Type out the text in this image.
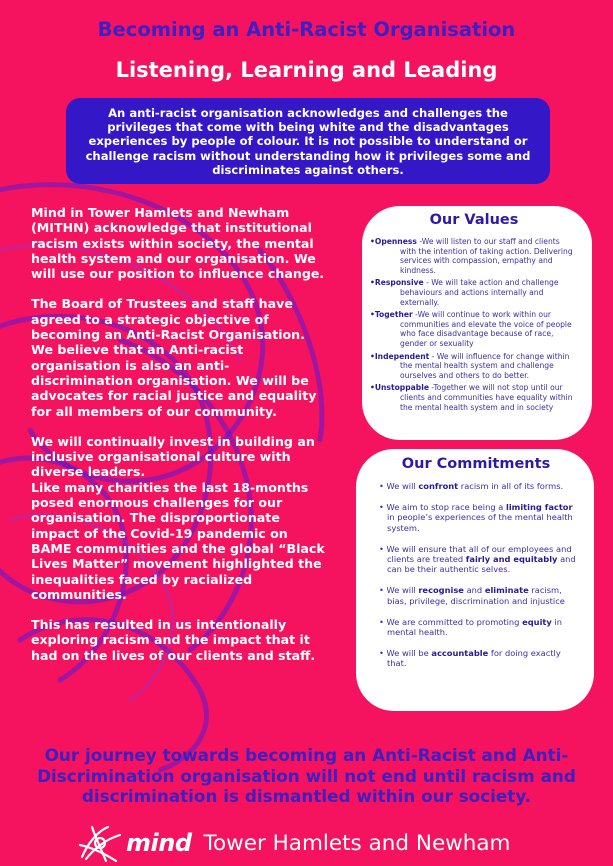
Becoming an Anti-Racist Organisation
Listening, Learning and Leading
An anti-racist organisation acknowledges and challenges the privileges that come with being white and the disadvantages experiences by people of colour. It is not possible to understand or challenge racism without understanding how it privileges some and discriminates against others.

Mind in Tower Hamlets and Newham (MITHN) acknowledge that institutional racism exists within society, the mental health system and our organisation. We will use our position to influence change.

The Board of Trustees and staff have agreed to a strategic objective of becoming an Anti-Racist Organisation. We believe that an Anti-racist organisation is also an anti-discrimination organisation. We will be advocates for racial justice and equality for all members of our community.

We will continually invest in building an inclusive organisational culture with diverse leaders.

Like many charities the last 18-months posed enormous challenges for our organisation. The disproportionate impact of the Covid-19 pandemic on BAME communities and the global “Black Lives Matter” movement highlighted the inequalities faced by racialized communities.

This has resulted in us intentionally exploring racism and the impact that it had on the lives of our clients and staff.

Our Values
•Openness -We will listen to our staff and clients with the intention of taking action. Delivering services with compassion, empathy and kindness.
•Responsive - We will take action and challenge behaviours and actions internally and externally.
•Together -We will continue to work within our communities and elevate the voice of people who face disadvantage because of race, gender or sexuality
•Independent - We will influence for change within the mental health system and challenge ourselves and others to do better.
•Unstoppable -Together we will not stop until our clients and communities have equality within the mental health system and in society
Our Commitments
• We will confront racism in all of its forms.
• We aim to stop race being a limiting factor in people’s experiences of the mental health system.
• We will ensure that all of our employees and clients are treated fairly and equitably and can be their authentic selves.
• We will recognise and eliminate racism, bias, privilege, discrimination and injustice
• We are committed to promoting equity in mental health.
• We will be accountable for doing exactly that.
Our journey towards becoming an Anti-Racist and Anti-Discrimination organisation will not end until racism and discrimination is dismantled within our society.
mind Tower Hamlets and Newham
